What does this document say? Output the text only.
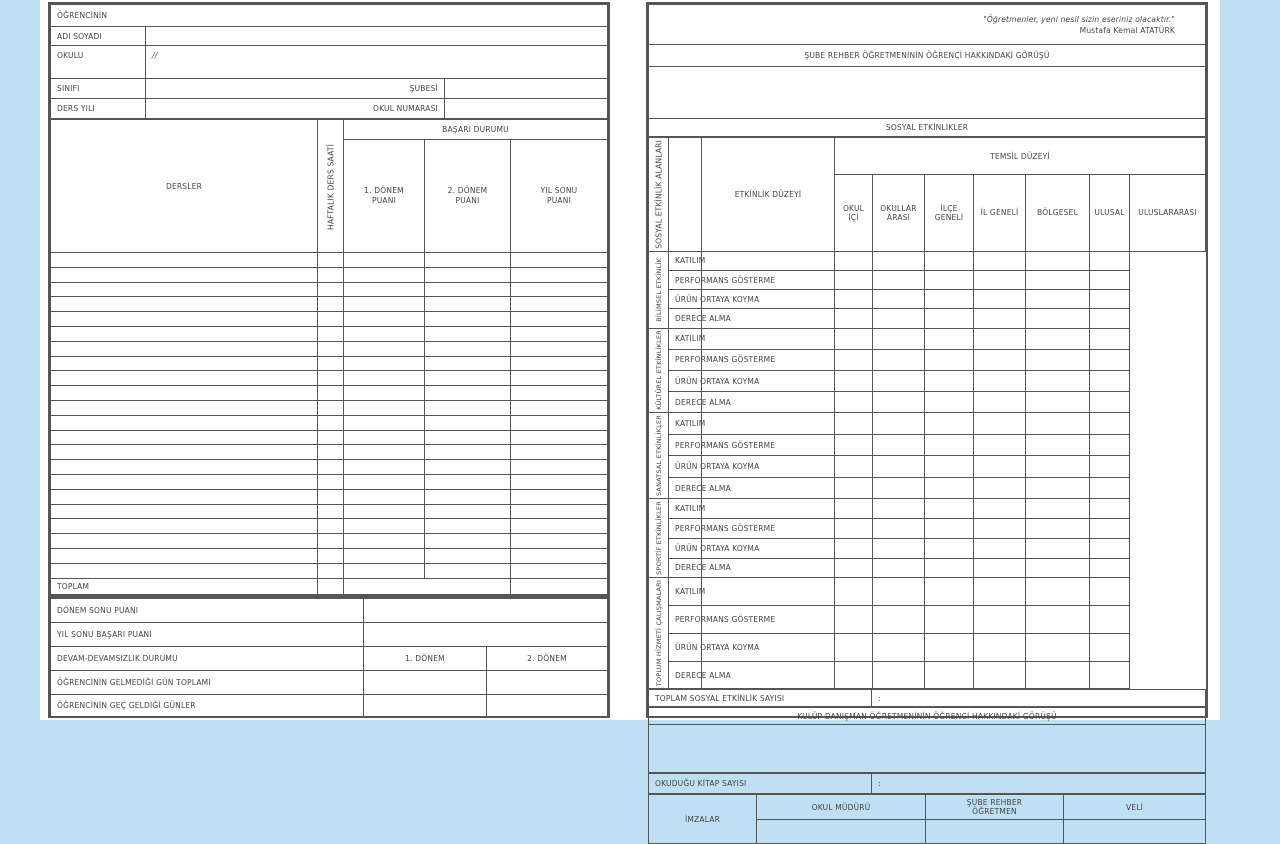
ÖĞRENCİNİN		
ADI SOYADI		
OKULU	//	
SINIFI	ŞUBESİ	
DERS YILI	OKUL NUMARASI	
DERSLER	HAFTALIK DERS SAATİ	BAŞARI DURUMU		
		1. DÖNEM PUANI	2. DÖNEM PUANI	YIL SONU PUANI

TOPLAM				
DÖNEM SONU PUANI		
YIL SONU BAŞARI PUANI		
DEVAM-DEVAMSIZLIK DURUMU	1. DÖNEM	2. DÖNEM
ÖĞRENCİNİN GELMEDİĞİ GÜN TOPLAMI		
ÖĞRENCİNİN GEÇ GELDİĞİ GÜNLER		
"Öğretmenler, yeni nesil sizin eseriniz olacaktır."
Mustafa Kemal ATATÜRK

ŞUBE REHBER ÖĞRETMENİNİN ÖĞRENCİ HAKKINDAKİ GÖRÜŞÜ

SOSYAL ETKİNLİKLER
SOSYAL ETKİNLİK ALANLARI		ETKİNLİK DÜZEYİ	TEMSİL DÜZEYİ						
			OKUL İÇİ	OKULLAR ARASI	İLÇE GENELİ	İL GENELİ	BÖLGESEL	ULUSAL	ULUSLARARASI
BİLİMSEL ETKİNLİK	KATILIM								
	PERFORMANS GÖSTERME								
	ÜRÜN ORTAYA KOYMA								
	DERECE ALMA								
KÜLTÜREL ETKİNLİKLER	KATILIM								
	PERFORMANS GÖSTERME								
	ÜRÜN ORTAYA KOYMA								
	DERECE ALMA								
SANATSAL ETKİNLİKLER	KATILIM								
	PERFORMANS GÖSTERME								
	ÜRÜN ORTAYA KOYMA								
	DERECE ALMA								
SPORTİF ETKİNLİKLER	KATILIM								
	PERFORMANS GÖSTERME								
	ÜRÜN ORTAYA KOYMA								
	DERECE ALMA								
TOPLUM HİZMETİ ÇALIŞMALARI	KATILIM								
	PERFORMANS GÖSTERME								
	ÜRÜN ORTAYA KOYMA								
	DERECE ALMA								
TOPLAM SOSYAL ETKİNLİK SAYISI	:
KULÜP DANIŞMAN ÖĞRETMENİNİN ÖĞRENCİ HAKKINDAKİ GÖRÜŞÜ

OKUDUĞU KİTAP SAYISI	:
İMZALAR	OKUL MÜDÜRÜ	ŞUBE REHBER ÖĞRETMEN	VELİ
